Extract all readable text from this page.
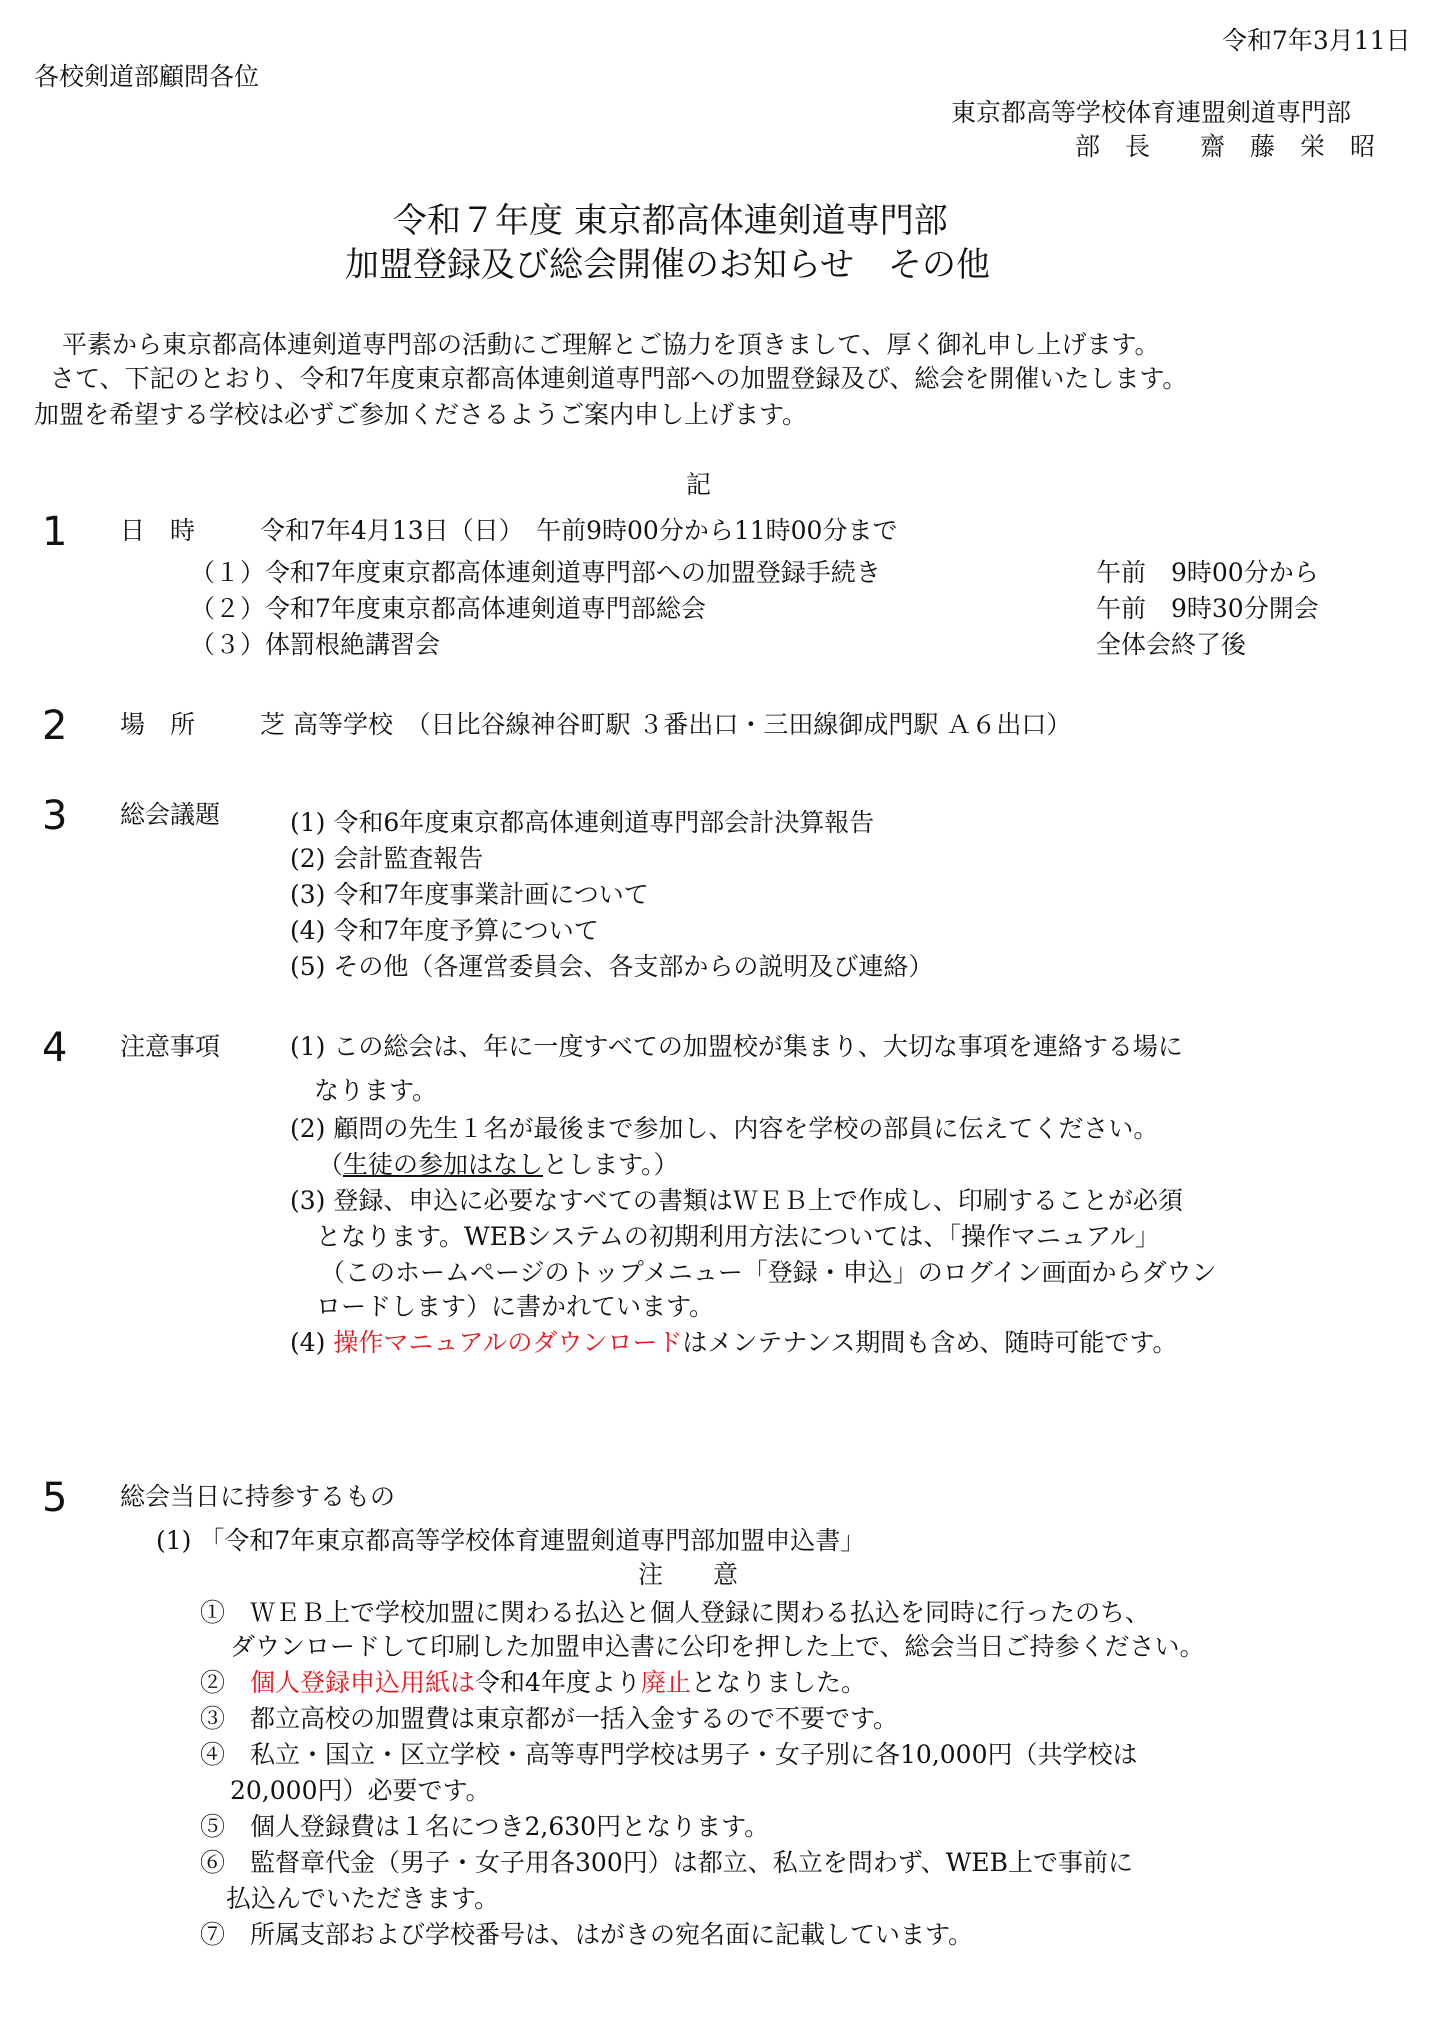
令和7年3月11日
各校剣道部顧問各位
東京都高等学校体育連盟剣道専門部
部　長　　齋　藤　栄　昭
令和７年度 東京都高体連剣道専門部
加盟登録及び総会開催のお知らせ　その他
平素から東京都高体連剣道専門部の活動にご理解とご協力を頂きまして、厚く御礼申し上げます。
さて、下記のとおり、令和7年度東京都高体連剣道専門部への加盟登録及び、総会を開催いたします。
加盟を希望する学校は必ずご参加くださるようご案内申し上げます。
記
1 日　時	令和7年4月13日（日）　午前9時00分から11時00分まで
（１）令和7年度東京都高体連剣道専門部への加盟登録手続き	午前　9時00分から
（２）令和7年度東京都高体連剣道専門部総会	午前　9時30分開会
（３）体罰根絶講習会	全体会終了後
2 場　所	芝 高等学校　（日比谷線神谷町駅 ３番出口・三田線御成門駅 Ａ６出口）
3 総会議題	(1) 令和6年度東京都高体連剣道専門部会計決算報告
(2) 会計監査報告
(3) 令和7年度事業計画について
(4) 令和7年度予算について
(5) その他（各運営委員会、各支部からの説明及び連絡）
4 注意事項	(1) この総会は、年に一度すべての加盟校が集まり、大切な事項を連絡する場に
なります。
(2) 顧問の先生１名が最後まで参加し、内容を学校の部員に伝えてください。
（生徒の参加はなしとします。）
(3) 登録、申込に必要なすべての書類はＷＥＢ上で作成し、印刷することが必須
となります。WEBシステムの初期利用方法については、「操作マニュアル」
（このホームページのトップメニュー「登録・申込」のログイン画面からダウン
ロードします）に書かれています。
(4) 操作マニュアルのダウンロードはメンテナンス期間も含め、随時可能です。
5 総会当日に持参するもの
(1) 「令和7年東京都高等学校体育連盟剣道専門部加盟申込書」
注　　意
①　ＷＥＢ上で学校加盟に関わる払込と個人登録に関わる払込を同時に行ったのち、
ダウンロードして印刷した加盟申込書に公印を押した上で、総会当日ご持参ください。
②　個人登録申込用紙は令和4年度より廃止となりました。
③　都立高校の加盟費は東京都が一括入金するので不要です。
④　私立・国立・区立学校・高等専門学校は男子・女子別に各10,000円（共学校は
20,000円）必要です。
⑤　個人登録費は１名につき2,630円となります。
⑥　監督章代金（男子・女子用各300円）は都立、私立を問わず、WEB上で事前に
払込んでいただきます。
⑦　所属支部および学校番号は、はがきの宛名面に記載しています。
